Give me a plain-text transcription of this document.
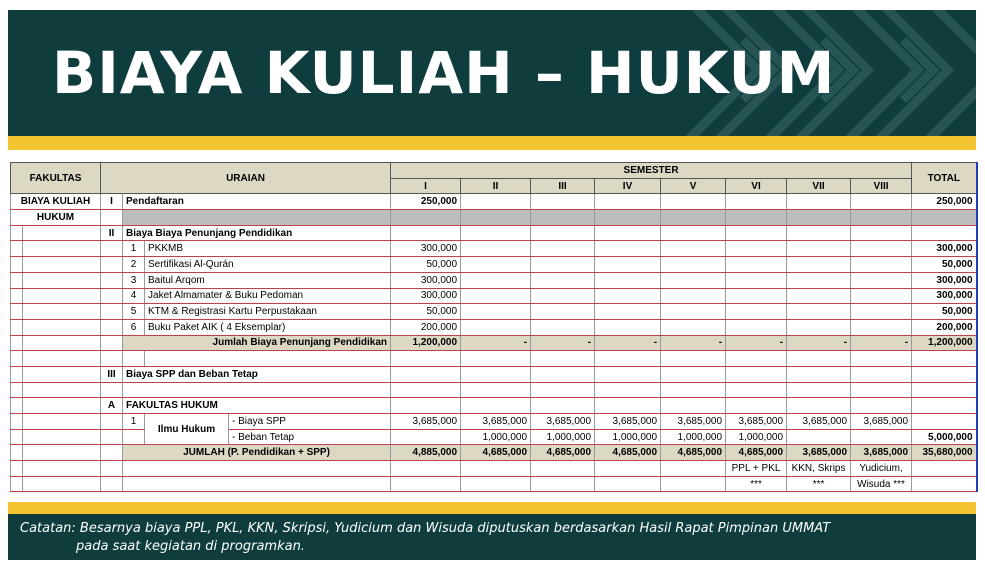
BIAYA KULIAH – HUKUM
FAKULTAS		URAIAN				SEMESTER								TOTAL
						I	II	III	IV	V	VI	VII	VIII	
BIAYA KULIAH		I	Pendaftaran			250,000								250,000
HUKUM														
		II	Biaya Biaya Penunjang Pendidikan											
			1	PKKMB		300,000								300,000
			2	Sertifikasi Al-Qurán		50,000								50,000
			3	Baitul Arqom		300,000								300,000
			4	Jaket Almamater & Buku Pedoman		300,000								300,000
			5	KTM & Registrasi Kartu Perpustakaan		50,000								50,000
			6	Buku Paket AIK ( 4 Eksemplar)		200,000								200,000
			Jumlah Biaya Penunjang Pendidikan			1,200,000	-	-	-	-	-	-	-	1,200,000

		III	Biaya SPP dan Beban Tetap											

		A	FAKULTAS HUKUM											
			1	Ilmu Hukum	- Biaya SPP	3,685,000	3,685,000	3,685,000	3,685,000	3,685,000	3,685,000	3,685,000	3,685,000	
					- Beban Tetap		1,000,000	1,000,000	1,000,000	1,000,000	1,000,000			5,000,000
			JUMLAH (P. Pendidikan + SPP)			4,885,000	4,685,000	4,685,000	4,685,000	4,685,000	4,685,000	3,685,000	3,685,000	35,680,000
											PPL + PKL	KKN, Skrips	Yudicium,	
											***	***	Wisuda ***	
Catatan: Besarnya biaya PPL, PKL, KKN, Skripsi, Yudicium dan Wisuda diputuskan berdasarkan Hasil Rapat Pimpinan UMMAT
pada saat kegiatan di programkan.
